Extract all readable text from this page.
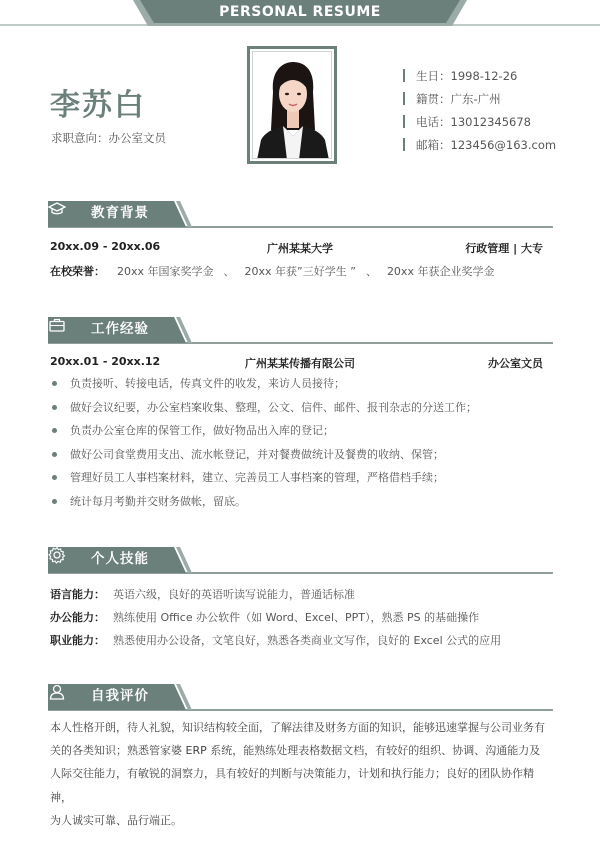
PERSONAL RESUME
李苏白
求职意向：办公室文员
生日：1998-12-26
籍贯：广东-广州
电话：13012345678
邮箱：123456@163.com
教育背景
20xx.09 - 20xx.06	广州某某大学	行政管理 | 大专
在校荣誉： 20xx 年国家奖学金 、 20xx 年获”三好学生 ” 、 20xx 年获企业奖学金
工作经验
20xx.01 - 20xx.12	广州某某传播有限公司	办公室文员
负责接听、转接电话，传真文件的收发，来访人员接待；
做好会议纪要，办公室档案收集、整理，公文、信件、邮件、报刊杂志的分送工作；
负责办公室仓库的保管工作，做好物品出入库的登记；
做好公司食堂费用支出、流水帐登记，并对餐费做统计及餐费的收纳、保管；
管理好员工人事档案材料，建立、完善员工人事档案的管理，严格借档手续；
统计每月考勤并交财务做帐，留底。
个人技能
语言能力： 英语六级，良好的英语听读写说能力，普通话标准
办公能力： 熟练使用 Office 办公软件（如 Word、Excel、PPT），熟悉 PS 的基础操作
职业能力： 熟悉使用办公设备，文笔良好，熟悉各类商业文写作，良好的 Excel 公式的应用
自我评价
本人性格开朗，待人礼貌，知识结构较全面，了解法律及财务方面的知识，能够迅速掌握与公司业务有
关的各类知识；熟悉管家婆 ERP 系统，能熟练处理表格数据文档，有较好的组织、协调、沟通能力及
人际交往能力，有敏锐的洞察力，具有较好的判断与决策能力，计划和执行能力；良好的团队协作精神，
为人诚实可靠、品行端正。
